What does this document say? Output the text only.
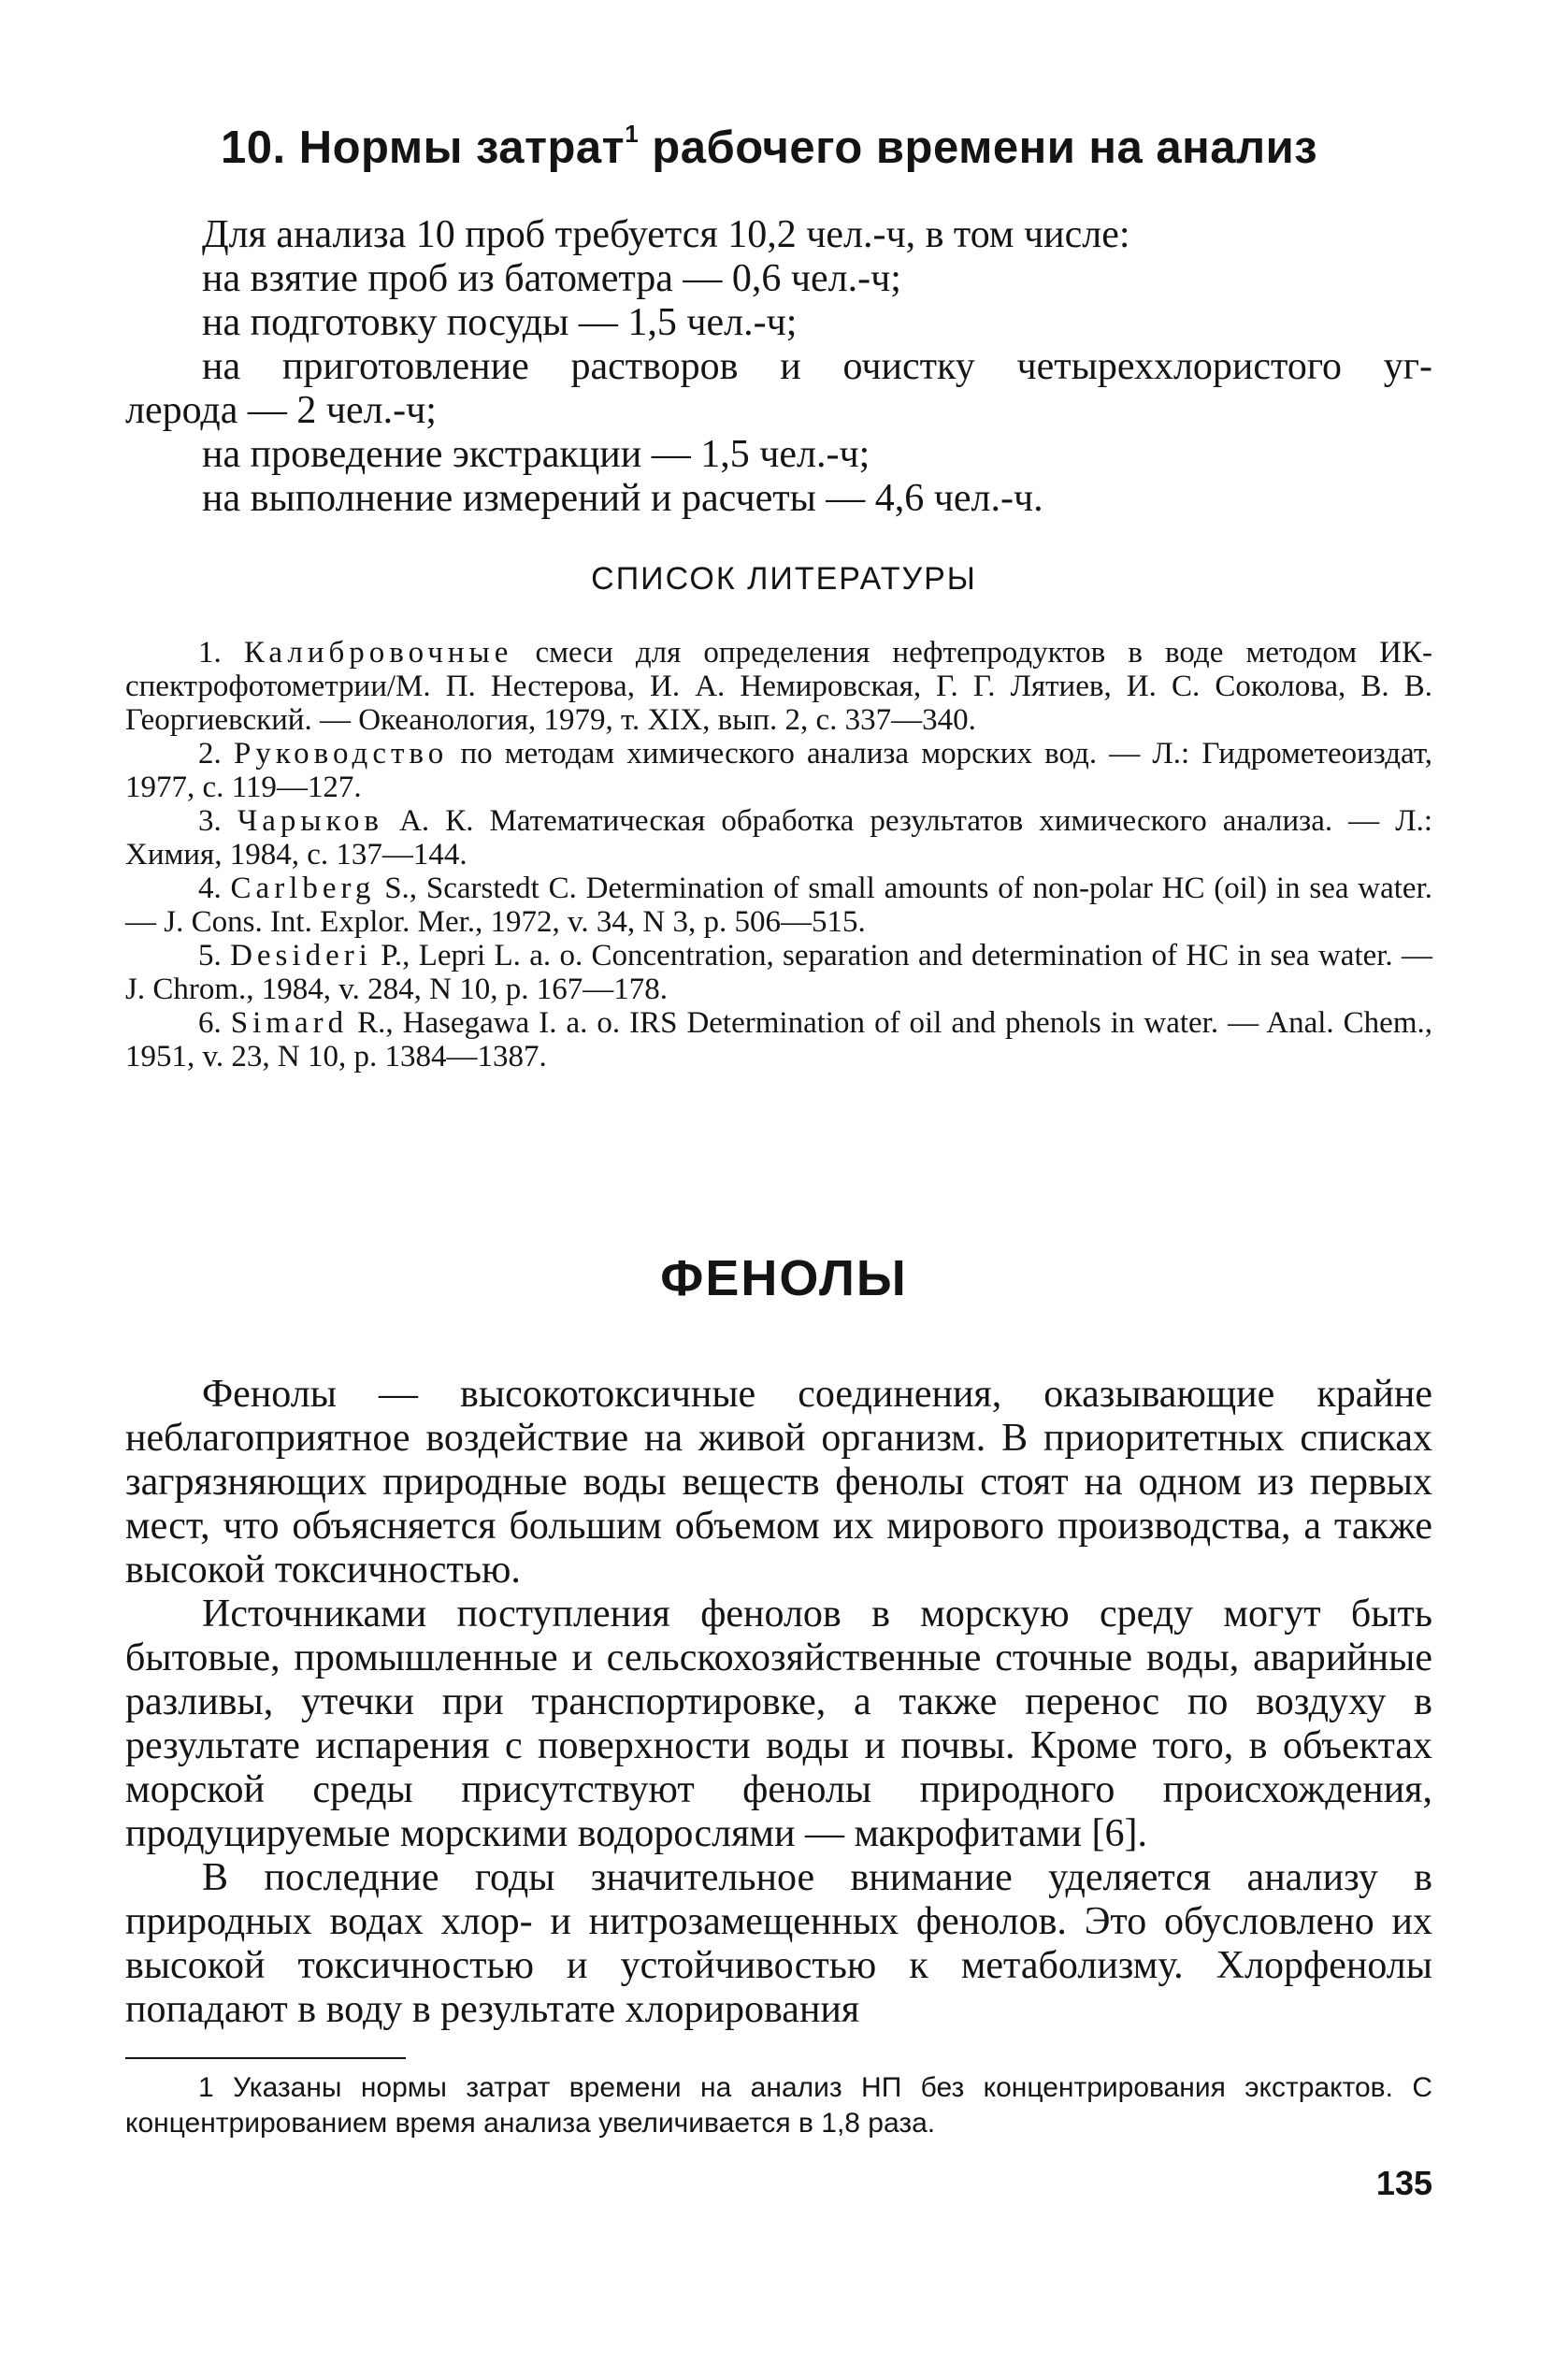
10. Нормы затрат$^1$ рабочего времени на анализ
Для анализа 10 проб требуется 10,2 чел.-ч, в том числе:
на взятие проб из батометра — 0,6 чел.-ч;
на подготовку посуды — 1,5 чел.-ч;
на приготовление растворов и очистку четыреххлористого уг-
лерода — 2 чел.-ч;
на проведение экстракции — 1,5 чел.-ч;
на выполнение измерений и расчеты — 4,6 чел.-ч.
СПИСОК ЛИТЕРАТУРЫ
1. Калибровочные смеси для определения нефтепродуктов в воде методом ИК-спектрофотометрии/М. П. Нестерова, И. А. Немировская, Г. Г. Лятиев, И. С. Соколова, В. В. Георгиевский. — Океанология, 1979, т. XIX, вып. 2, с. 337—340.
2. Руководство по методам химического анализа морских вод. — Л.: Гидрометеоиздат, 1977, с. 119—127.
3. Чарыков А. К. Математическая обработка результатов химического анализа. — Л.: Химия, 1984, с. 137—144.
4. Carlberg S., Scarstedt C. Determination of small amounts of non-polar HC (oil) in sea water. — J. Cons. Int. Explor. Mer., 1972, v. 34, N 3, p. 506—515.
5. Desideri P., Lepri L. a. o. Concentration, separation and determination of HC in sea water. — J. Chrom., 1984, v. 284, N 10, p. 167—178.
6. Simard R., Hasegawa I. a. o. IRS Determination of oil and phenols in water. — Anal. Chem., 1951, v. 23, N 10, p. 1384—1387.
ФЕНОЛЫ

Фенолы — высокотоксичные соединения, оказывающие крайне неблагоприятное воздействие на живой организм. В приоритетных списках загрязняющих природные воды веществ фенолы стоят на одном из первых мест, что объясняется большим объемом их мирового производства, а также высокой токсичностью.

Источниками поступления фенолов в морскую среду могут быть бытовые, промышленные и сельскохозяйственные сточные воды, аварийные разливы, утечки при транспортировке, а также перенос по воздуху в результате испарения с поверхности воды и почвы. Кроме того, в объектах морской среды присутствуют фенолы природного происхождения, продуцируемые морскими водорослями — макрофитами [6].

В последние годы значительное внимание уделяется анализу в природных водах хлор- и нитрозамещенных фенолов. Это обусловлено их высокой токсичностью и устойчивостью к метаболизму. Хлорфенолы попадают в воду в результате хлорирования

1 Указаны нормы затрат времени на анализ НП без концентрирования экстрактов. С концентрированием время анализа увеличивается в 1,8 раза.
135
